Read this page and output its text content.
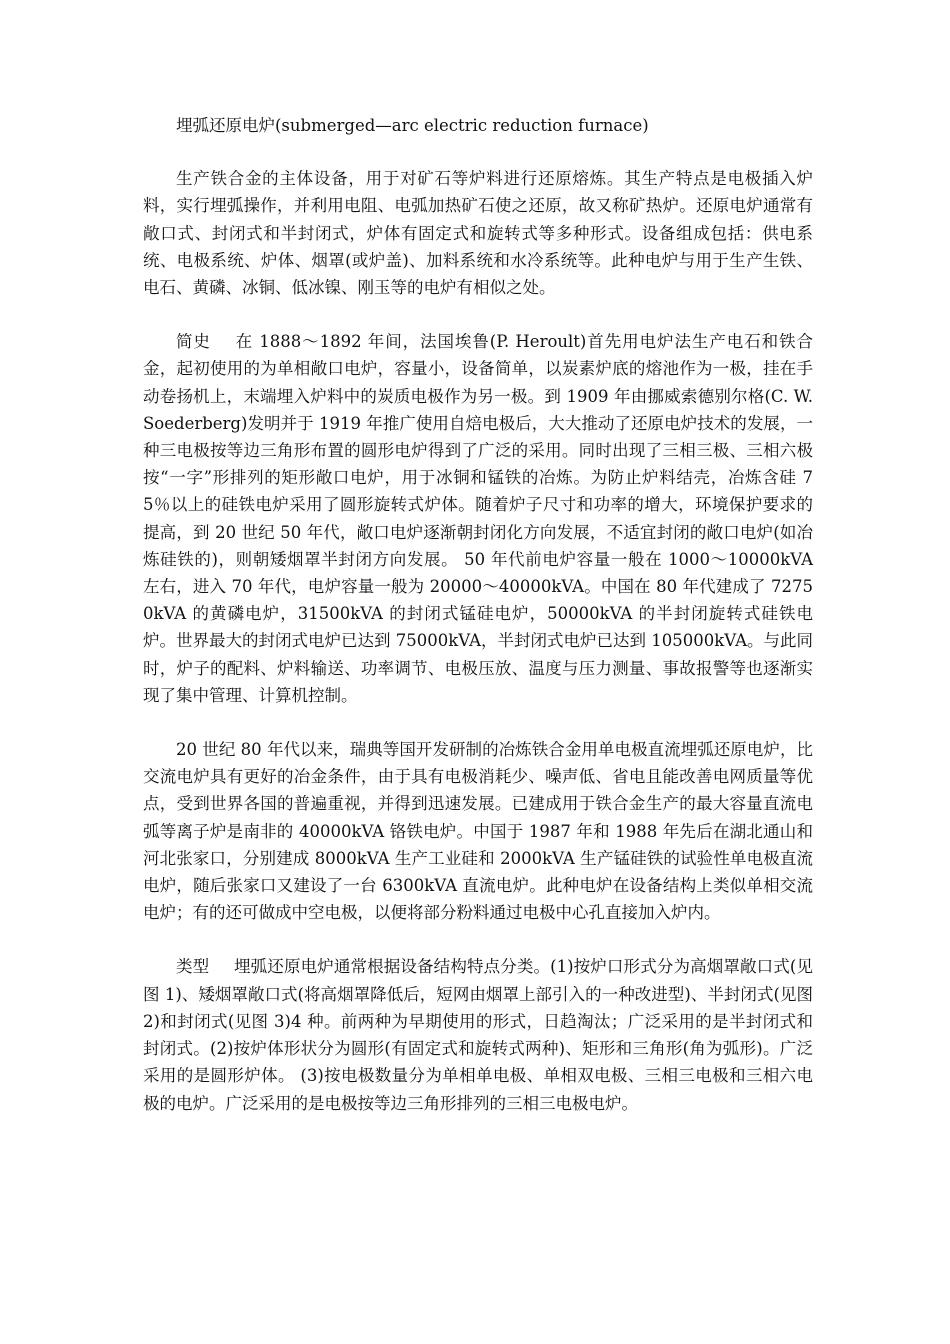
埋弧还原电炉(submerged—arc electric reduction furnace)

生产铁合金的主体设备，用于对矿石等炉料进行还原熔炼。其生产特点是电极插入炉料，实行埋弧操作，并利用电阻、电弧加热矿石使之还原，故又称矿热炉。还原电炉通常有敞口式、封闭式和半封闭式，炉体有固定式和旋转式等多种形式。设备组成包括：供电系统、电极系统、炉体、烟罩(或炉盖)、加料系统和水冷系统等。此种电炉与用于生产生铁、电石、黄磷、冰铜、低冰镍、刚玉等的电炉有相似之处。

简史 在 1888～1892 年间，法国埃鲁(P. Heroult)首先用电炉法生产电石和铁合金，起初使用的为单相敞口电炉，容量小，设备简单，以炭素炉底的熔池作为一极，挂在手动卷扬机上，末端埋入炉料中的炭质电极作为另一极。到 1909 年由挪威索德别尔格(C. W. Soederberg)发明并于 1919 年推广使用自焙电极后，大大推动了还原电炉技术的发展，一种三电极按等边三角形布置的圆形电炉得到了广泛的采用。同时出现了三相三极、三相六极按“一字”形排列的矩形敞口电炉，用于冰铜和锰铁的冶炼。为防止炉料结壳，冶炼含硅 75％以上的硅铁电炉采用了圆形旋转式炉体。随着炉子尺寸和功率的增大，环境保护要求的提高，到 20 世纪 50 年代，敞口电炉逐渐朝封闭化方向发展，不适宜封闭的敞口电炉(如冶炼硅铁的)，则朝矮烟罩半封闭方向发展。 50 年代前电炉容量一般在 1000～10000kVA 左右，进入 70 年代，电炉容量一般为 20000～40000kVA。中国在 80 年代建成了 72750kVA 的黄磷电炉，31500kVA 的封闭式锰硅电炉，50000kVA 的半封闭旋转式硅铁电炉。世界最大的封闭式电炉已达到 75000kVA，半封闭式电炉已达到 105000kVA。与此同时，炉子的配料、炉料输送、功率调节、电极压放、温度与压力测量、事故报警等也逐渐实现了集中管理、计算机控制。

20 世纪 80 年代以来，瑞典等国开发研制的冶炼铁合金用单电极直流埋弧还原电炉，比交流电炉具有更好的冶金条件，由于具有电极消耗少、噪声低、省电且能改善电网质量等优点，受到世界各国的普遍重视，并得到迅速发展。已建成用于铁合金生产的最大容量直流电弧等离子炉是南非的 40000kVA 铬铁电炉。中国于 1987 年和 1988 年先后在湖北通山和河北张家口，分别建成 8000kVA 生产工业硅和 2000kVA 生产锰硅铁的试验性单电极直流电炉，随后张家口又建设了一台 6300kVA 直流电炉。此种电炉在设备结构上类似单相交流电炉；有的还可做成中空电极，以便将部分粉料通过电极中心孔直接加入炉内。

类型 埋弧还原电炉通常根据设备结构特点分类。(1)按炉口形式分为高烟罩敞口式(见图 1)、矮烟罩敞口式(将高烟罩降低后，短网由烟罩上部引入的一种改进型)、半封闭式(见图 2)和封闭式(见图 3)4 种。前两种为早期使用的形式，日趋淘汰；广泛采用的是半封闭式和封闭式。(2)按炉体形状分为圆形(有固定式和旋转式两种)、矩形和三角形(角为弧形)。广泛采用的是圆形炉体。 (3)按电极数量分为单相单电极、单相双电极、三相三电极和三相六电极的电炉。广泛采用的是电极按等边三角形排列的三相三电极电炉。
